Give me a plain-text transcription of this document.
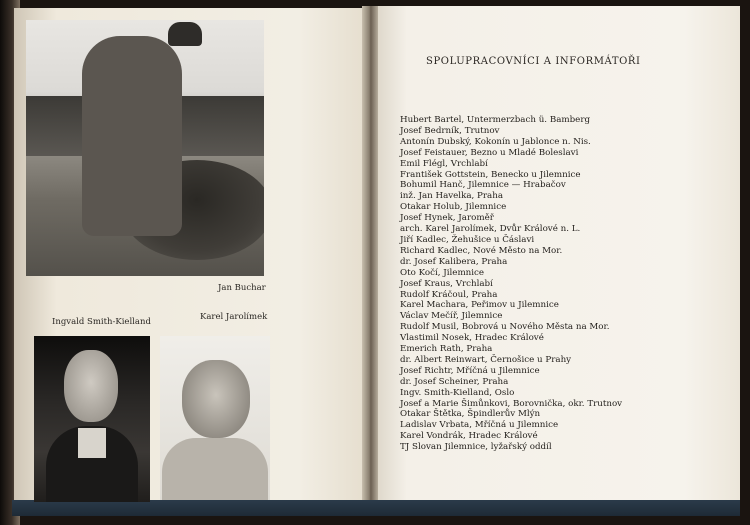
Jan Buchar
Ingvald Smith-Kielland	Karel Jarolímek
SPOLUPRACOVNÍCI A INFORMÁTOŘI
Hubert Bartel, Untermerzbach ü. Bamberg
Josef Bedrník, Trutnov
Antonín Dubský, Kokonín u Jablonce n. Nis.
Josef Feistauer, Bezno u Mladé Boleslavi
Emil Flégl, Vrchlabí
František Gottstein, Benecko u Jilemnice
Bohumil Hanč, Jilemnice — Hrabačov
inž. Jan Havelka, Praha
Otakar Holub, Jilemnice
Josef Hynek, Jaroměř
arch. Karel Jarolímek, Dvůr Králové n. L.
Jiří Kadlec, Žehušice u Čáslavi
Richard Kadlec, Nové Město na Mor.
dr. Josef Kalibera, Praha
Oto Kočí, Jilemnice
Josef Kraus, Vrchlabí
Rudolf Kráčoul, Praha
Karel Machara, Peřimov u Jilemnice
Václav Mečíř, Jilemnice
Rudolf Musil, Bobrová u Nového Města na Mor.
Vlastimil Nosek, Hradec Králové
Emerich Rath, Praha
dr. Albert Reinwart, Černošice u Prahy
Josef Richtr, Mříčná u Jilemnice
dr. Josef Scheiner, Praha
Ingv. Smith-Kielland, Oslo
Josef a Marie Šimůnkovi, Borovnička, okr. Trutnov
Otakar Štětka, Špindlerův Mlýn
Ladislav Vrbata, Mříčná u Jilemnice
Karel Vondrák, Hradec Králové
TJ Slovan Jilemnice, lyžařský oddíl
